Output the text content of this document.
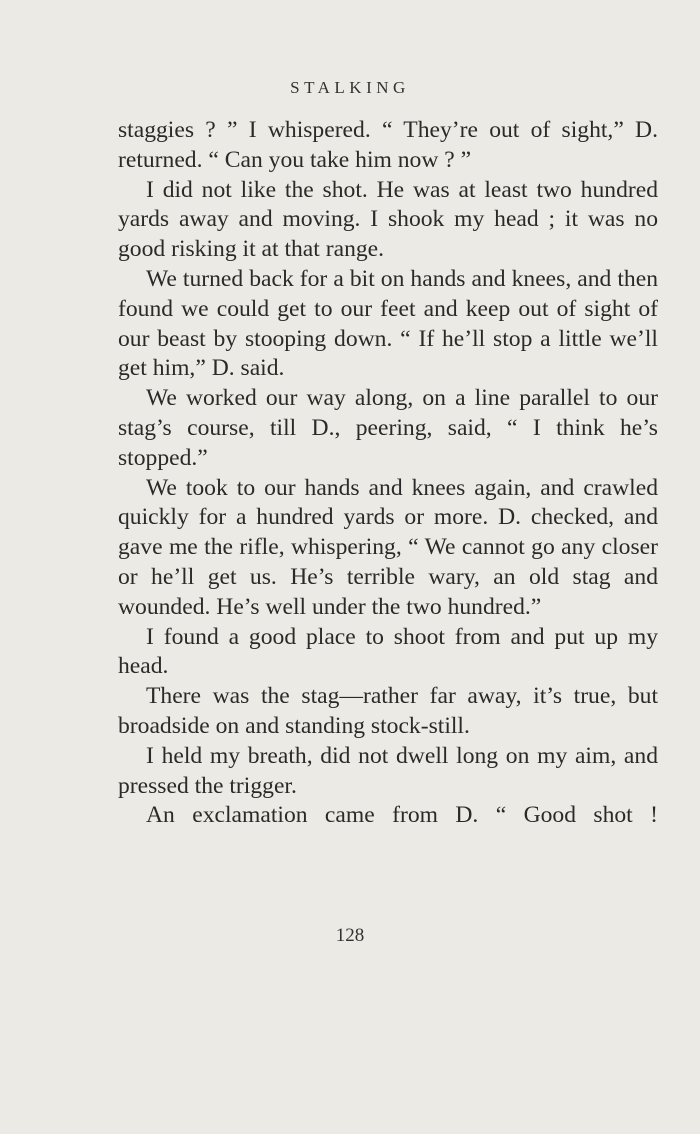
STALKING

staggies ? ” I whispered. “ They’re out of sight,” D. returned. “ Can you take him now ? ”

I did not like the shot. He was at least two hundred yards away and moving. I shook my head ; it was no good risking it at that range.

We turned back for a bit on hands and knees, and then found we could get to our feet and keep out of sight of our beast by stooping down. “ If he’ll stop a little we’ll get him,” D. said.

We worked our way along, on a line parallel to our stag’s course, till D., peering, said, “ I think he’s stopped.”

We took to our hands and knees again, and crawled quickly for a hundred yards or more. D. checked, and gave me the rifle, whispering, “ We cannot go any closer or he’ll get us. He’s terrible wary, an old stag and wounded. He’s well under the two hundred.”

I found a good place to shoot from and put up my head.

There was the stag—rather far away, it’s true, but broadside on and standing stock-still.

I held my breath, did not dwell long on my aim, and pressed the trigger.

An exclamation came from D. “ Good shot !

128
